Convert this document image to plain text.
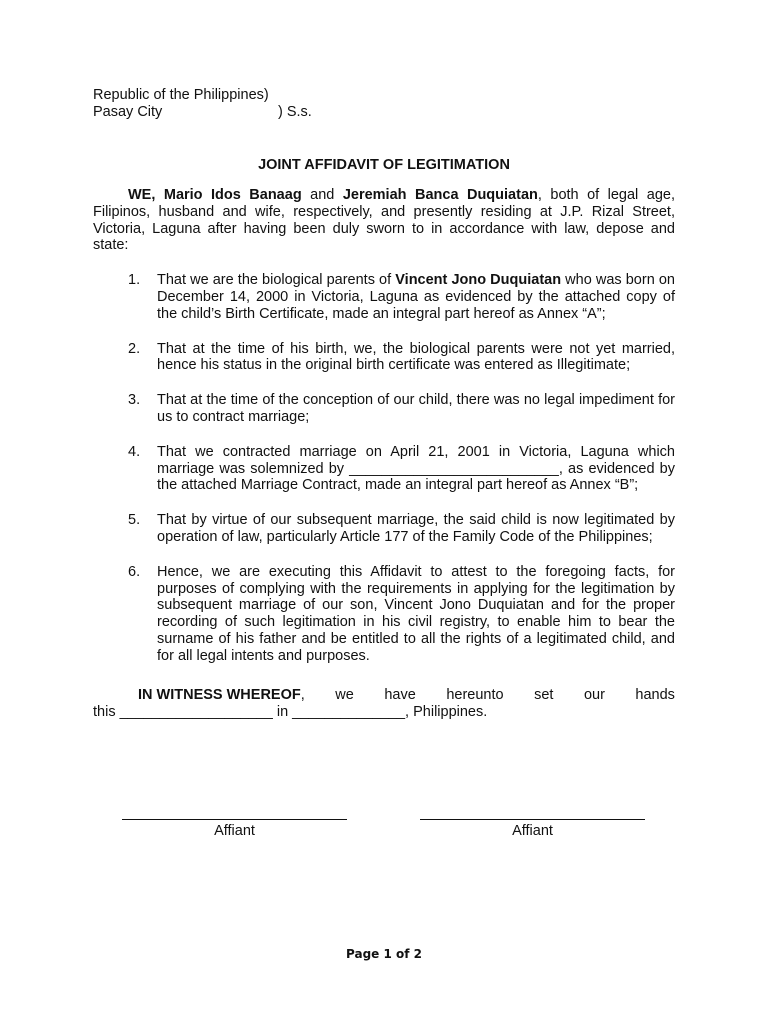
Republic of the Philippines)
Pasay City	) S.s.
JOINT AFFIDAVIT OF LEGITIMATION
WE, Mario Idos Banaag and Jeremiah Banca Duquiatan, both of legal age, Filipinos, husband and wife, respectively, and presently residing at J.P. Rizal Street, Victoria, Laguna after having been duly sworn to in accordance with law, depose and state:
1. That we are the biological parents of Vincent Jono Duquiatan who was born on December 14, 2000 in Victoria, Laguna as evidenced by the attached copy of the child’s Birth Certificate, made an integral part hereof as Annex “A”;
2. That at the time of his birth, we, the biological parents were not yet married, hence his status in the original birth certificate was entered as Illegitimate;
3. That at the time of the conception of our child, there was no legal impediment for us to contract marriage;
4. That we contracted marriage on April 21, 2001 in Victoria, Laguna which marriage was solemnized by __________________________, as evidenced by the attached Marriage Contract, made an integral part hereof as Annex “B”;
5. That by virtue of our subsequent marriage, the said child is now legitimated by operation of law, particularly Article 177 of the Family Code of the Philippines;
6. Hence, we are executing this Affidavit to attest to the foregoing facts, for purposes of complying with the requirements in applying for the legitimation by subsequent marriage of our son, Vincent Jono Duquiatan and for the proper recording of such legitimation in his civil registry, to enable him to bear the surname of his father and be entitled to all the rights of a legitimated child, and for all legal intents and purposes.
IN WITNESS WHEREOF, we have hereunto set our hands
this ___________________ in ______________, Philippines.
Affiant	Affiant
Page 1 of 2
